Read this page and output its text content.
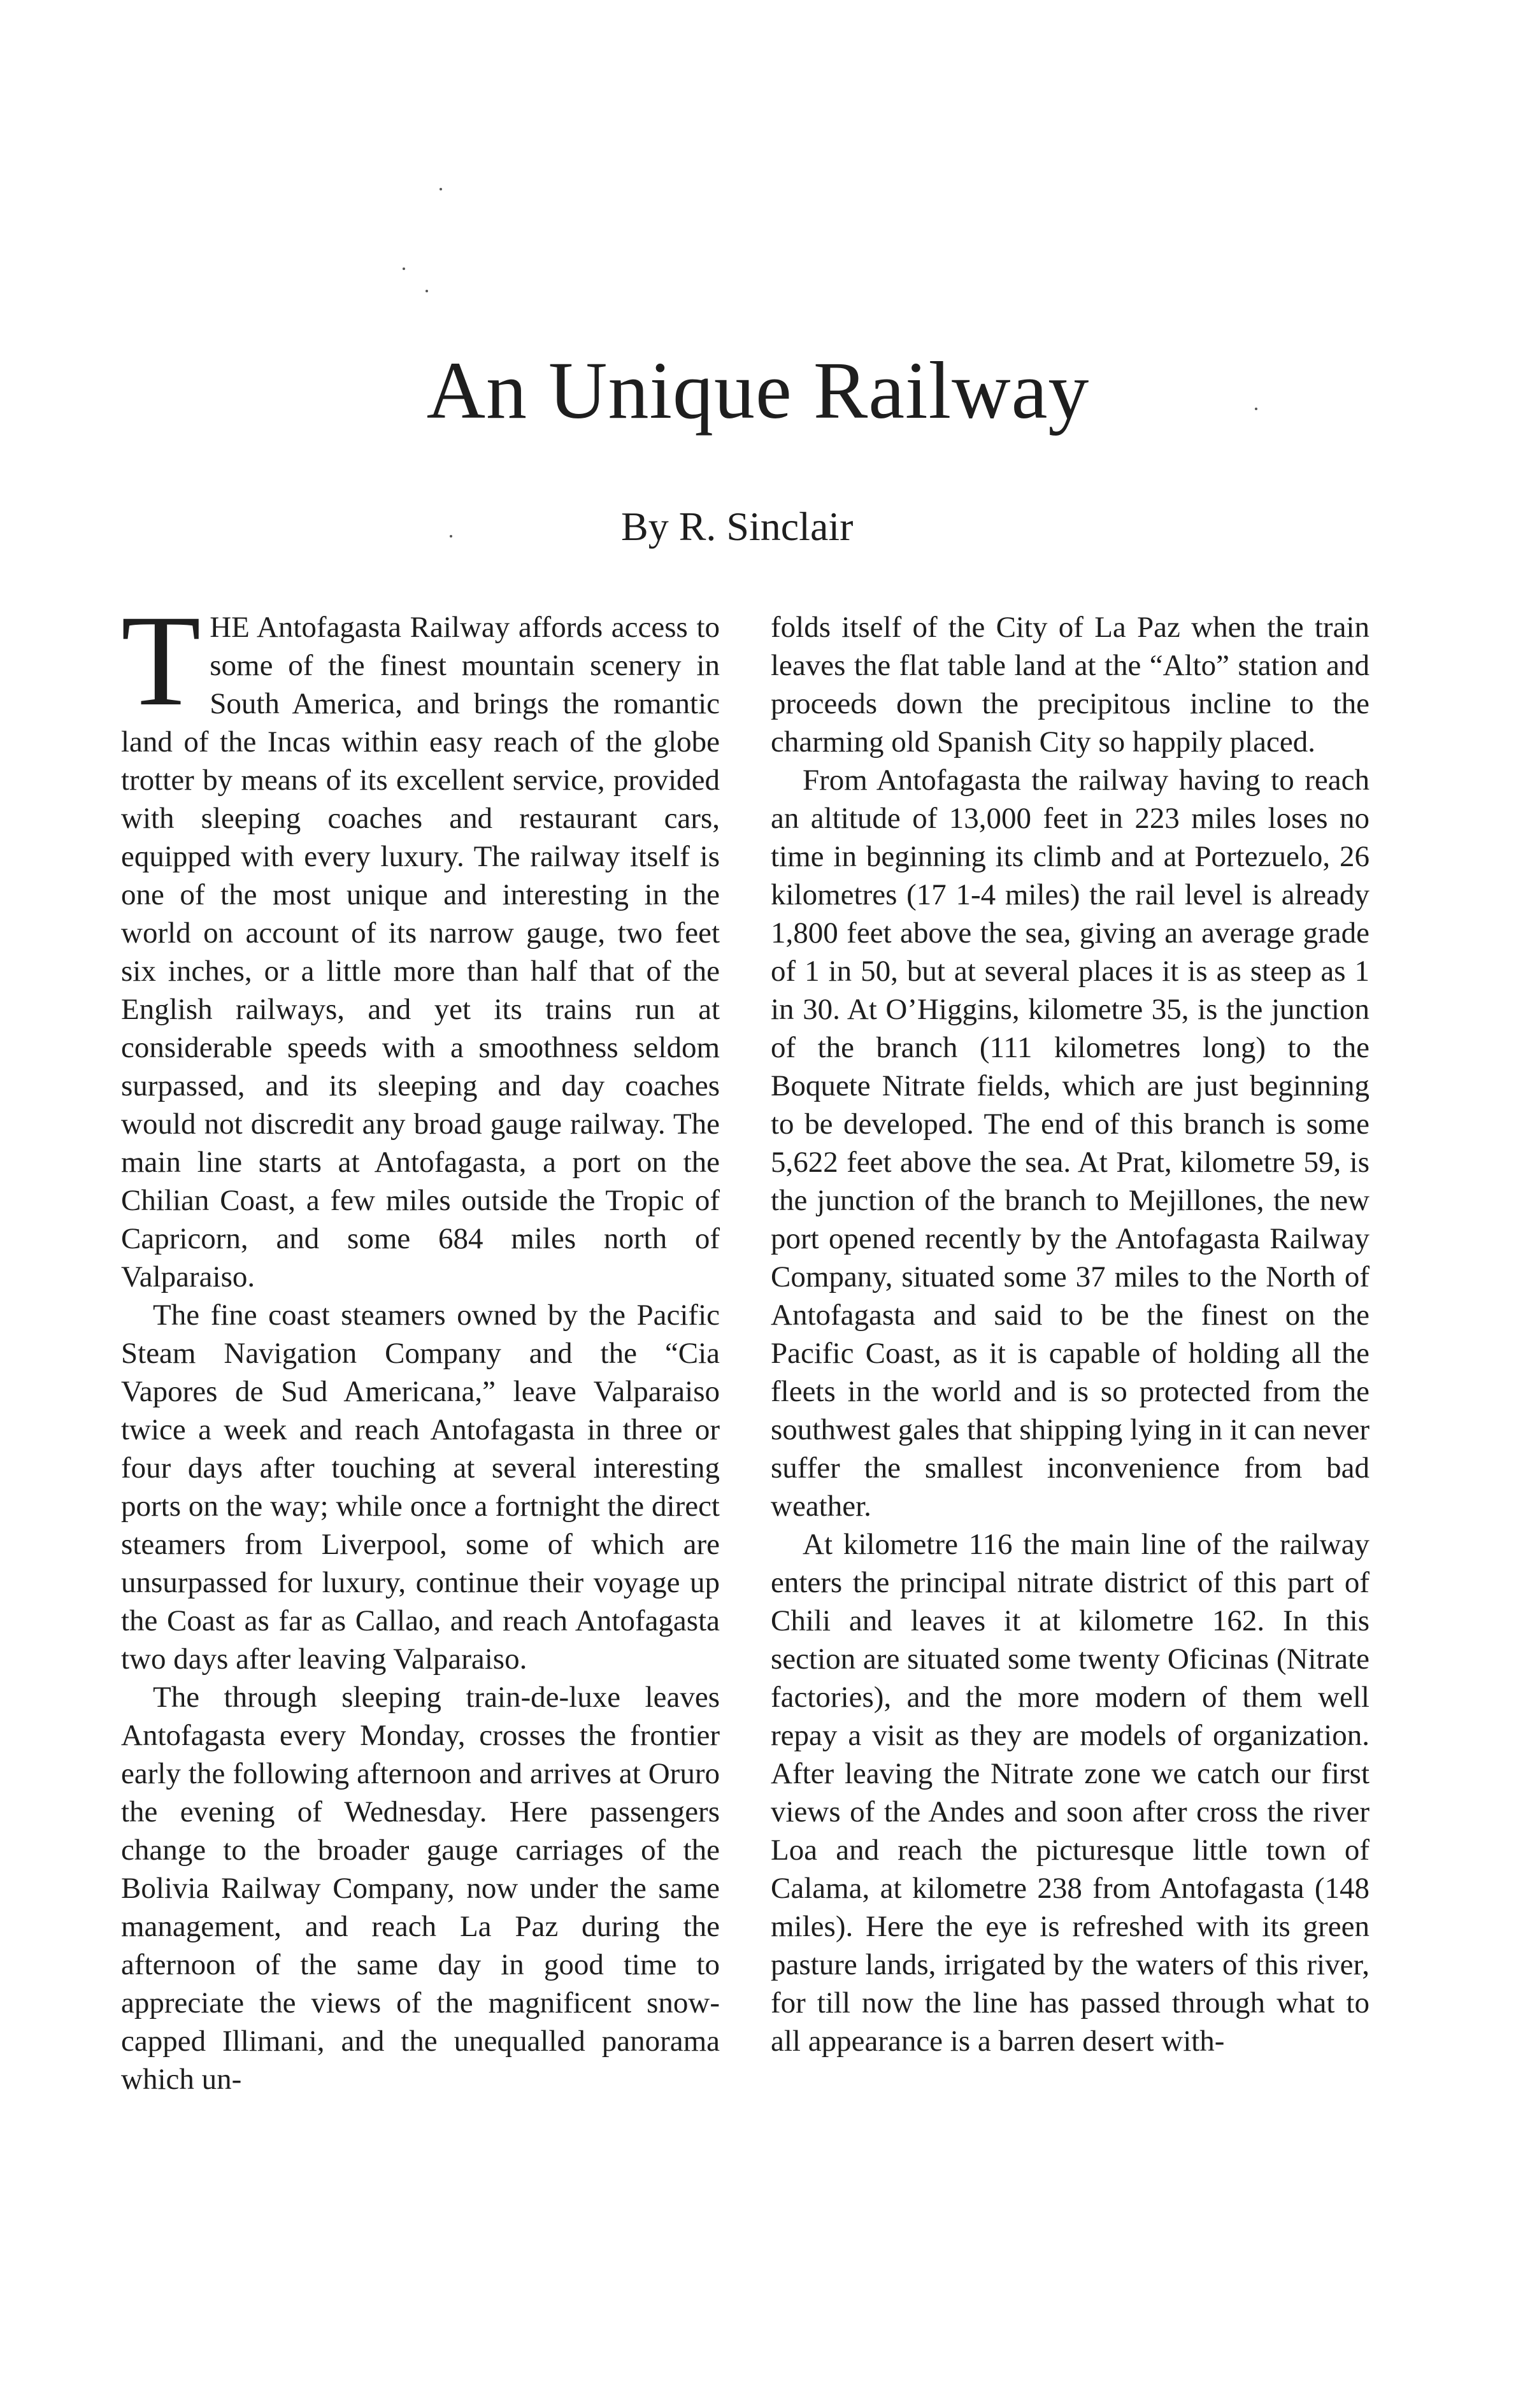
An Unique Railway
By R. Sinclair

THE Antofagasta Railway affords access to some of the finest mountain scenery in South America, and brings the romantic land of the Incas within easy reach of the globe trotter by means of its excellent service, provided with sleeping coaches and restaurant cars, equipped with every luxury. The railway itself is one of the most unique and interesting in the world on account of its narrow gauge, two feet six inches, or a little more than half that of the English railways, and yet its trains run at considerable speeds with a smoothness seldom surpassed, and its sleeping and day coaches would not discredit any broad gauge railway. The main line starts at Antofagasta, a port on the Chilian Coast, a few miles outside the Tropic of Capricorn, and some 684 miles north of Valparaiso.

The fine coast steamers owned by the Pacific Steam Navigation Company and the “Cia Vapores de Sud Americana,” leave Valparaiso twice a week and reach Antofagasta in three or four days after touching at several interesting ports on the way; while once a fortnight the direct steamers from Liverpool, some of which are unsurpassed for luxury, continue their voyage up the Coast as far as Callao, and reach Antofagasta two days after leaving Valparaiso.

The through sleeping train-de-luxe leaves Antofagasta every Monday, crosses the frontier early the following afternoon and arrives at Oruro the evening of Wednesday. Here passengers change to the broader gauge carriages of the Bolivia Railway Company, now under the same management, and reach La Paz during the afternoon of the same day in good time to appreciate the views of the magnificent snow-capped Illimani, and the unequalled panorama which un-

folds itself of the City of La Paz when the train leaves the flat table land at the “Alto” station and proceeds down the precipitous incline to the charming old Spanish City so happily placed.

From Antofagasta the railway having to reach an altitude of 13,000 feet in 223 miles loses no time in beginning its climb and at Portezuelo, 26 kilometres (17 1-4 miles) the rail level is already 1,800 feet above the sea, giving an average grade of 1 in 50, but at several places it is as steep as 1 in 30. At O’Higgins, kilometre 35, is the junction of the branch (111 kilometres long) to the Boquete Nitrate fields, which are just beginning to be developed. The end of this branch is some 5,622 feet above the sea. At Prat, kilometre 59, is the junction of the branch to Mejillones, the new port opened recently by the Antofagasta Railway Company, situated some 37 miles to the North of Antofagasta and said to be the finest on the Pacific Coast, as it is capable of holding all the fleets in the world and is so protected from the southwest gales that shipping lying in it can never suffer the smallest inconvenience from bad weather.

At kilometre 116 the main line of the railway enters the principal nitrate district of this part of Chili and leaves it at kilometre 162. In this section are situated some twenty Oficinas (Nitrate factories), and the more modern of them well repay a visit as they are models of organization. After leaving the Nitrate zone we catch our first views of the Andes and soon after cross the river Loa and reach the picturesque little town of Calama, at kilometre 238 from Antofagasta (148 miles). Here the eye is refreshed with its green pasture lands, irrigated by the waters of this river, for till now the line has passed through what to all appearance is a barren desert with-
